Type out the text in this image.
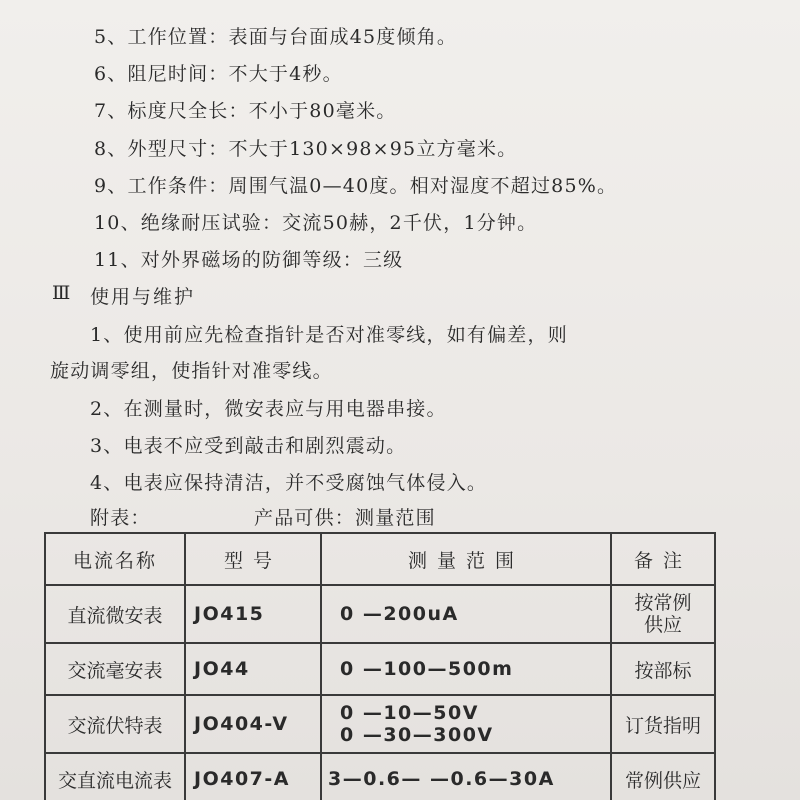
5、工作位置：表面与台面成45度倾角。
6、阻尼时间：不大于4秒。
7、标度尺全长：不小于80毫米。
8、外型尺寸：不大于130×98×95立方毫米。
9、工作条件：周围气温0—40度。相对湿度不超过85%。
10、绝缘耐压试验：交流50赫，2千伏，1分钟。
11、对外界磁场的防御等级：三级
Ⅲ 使用与维护
1、使用前应先检查指针是否对准零线，如有偏差，则
旋动调零组，使指针对准零线。
2、在测量时，微安表应与用电器串接。
3、电表不应受到敲击和剧烈震动。
4、电表应保持清洁，并不受腐蚀气体侵入。
附表：	产品可供：测量范围
电流名称	型号	测量范围	备注
直流微安表	JO415	0 —200uA	按常例
供应

交流毫安表	JO44	0 —100—500m	按部标
交流伏特表	JO404-V	0 —10—50V
0 —30—300V	订货指明
交直流电流表	JO407-A	3—0.6— —0.6—30A	常例供应
